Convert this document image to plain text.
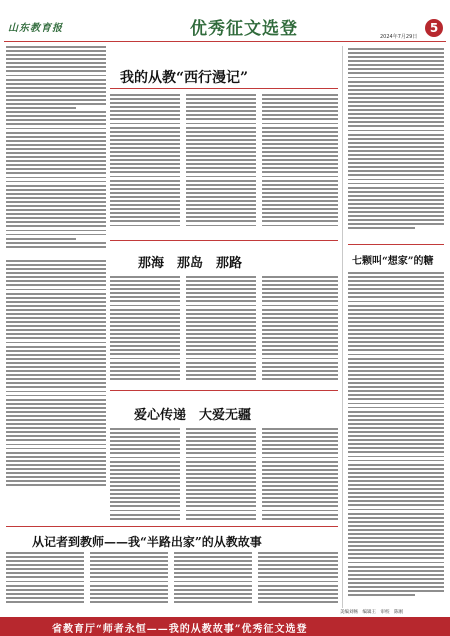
山东教育报	优秀征文选登	2024年7月29日
5
我的从教“西行漫记”
那海　那岛　那路
爱心传递　大爱无疆
从记者到教师——我“半路出家”的从教故事
七颗叫“想家”的糖
美编刘畅　编辑王　审校　陈刚
省教育厅“师者永恒——我的从教故事”优秀征文选登
